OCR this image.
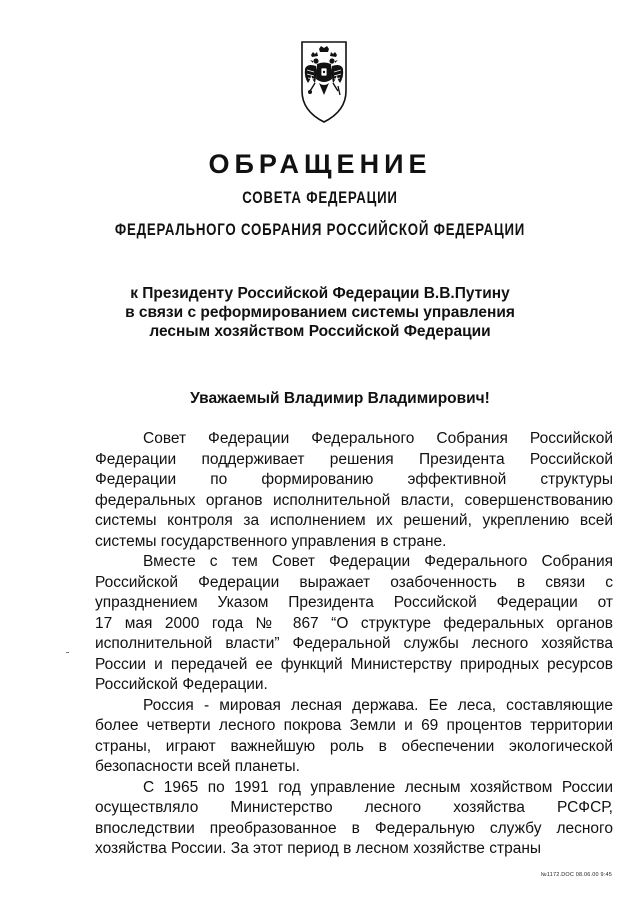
ОБРАЩЕНИЕ
СОВЕТА ФЕДЕРАЦИИ
ФЕДЕРАЛЬНОГО СОБРАНИЯ РОССИЙСКОЙ ФЕДЕРАЦИИ
к Президенту Российской Федерации В.В.Путину
в связи с реформированием системы управления
лесным хозяйством Российской Федерации
Уважаемый Владимир Владимирович!
Совет Федерации Федерального Собрания Российской
Федерации поддерживает решения Президента Российской
Федерации по формированию эффективной структуры
федеральных органов исполнительной власти, совершенствованию
системы контроля за исполнением их решений, укреплению всей
системы государственного управления в стране.
Вместе с тем Совет Федерации Федерального Собрания
Российской Федерации выражает озабоченность в связи с
упразднением Указом Президента Российской Федерации от
17 мая 2000 года № 867 “О структуре федеральных органов
исполнительной власти” Федеральной службы лесного хозяйства
России и передачей ее функций Министерству природных ресурсов
Российской Федерации.
Россия - мировая лесная держава. Ее леса, составляющие
более четверти лесного покрова Земли и 69 процентов территории
страны, играют важнейшую роль в обеспечении экологической
безопасности всей планеты.
С 1965 по 1991 год управление лесным хозяйством России
осуществляло Министерство лесного хозяйства РСФСР,
впоследствии преобразованное в Федеральную службу лесного
хозяйства России. За этот период в лесном хозяйстве страны
№1172.DOC 08.06.00 9:45
